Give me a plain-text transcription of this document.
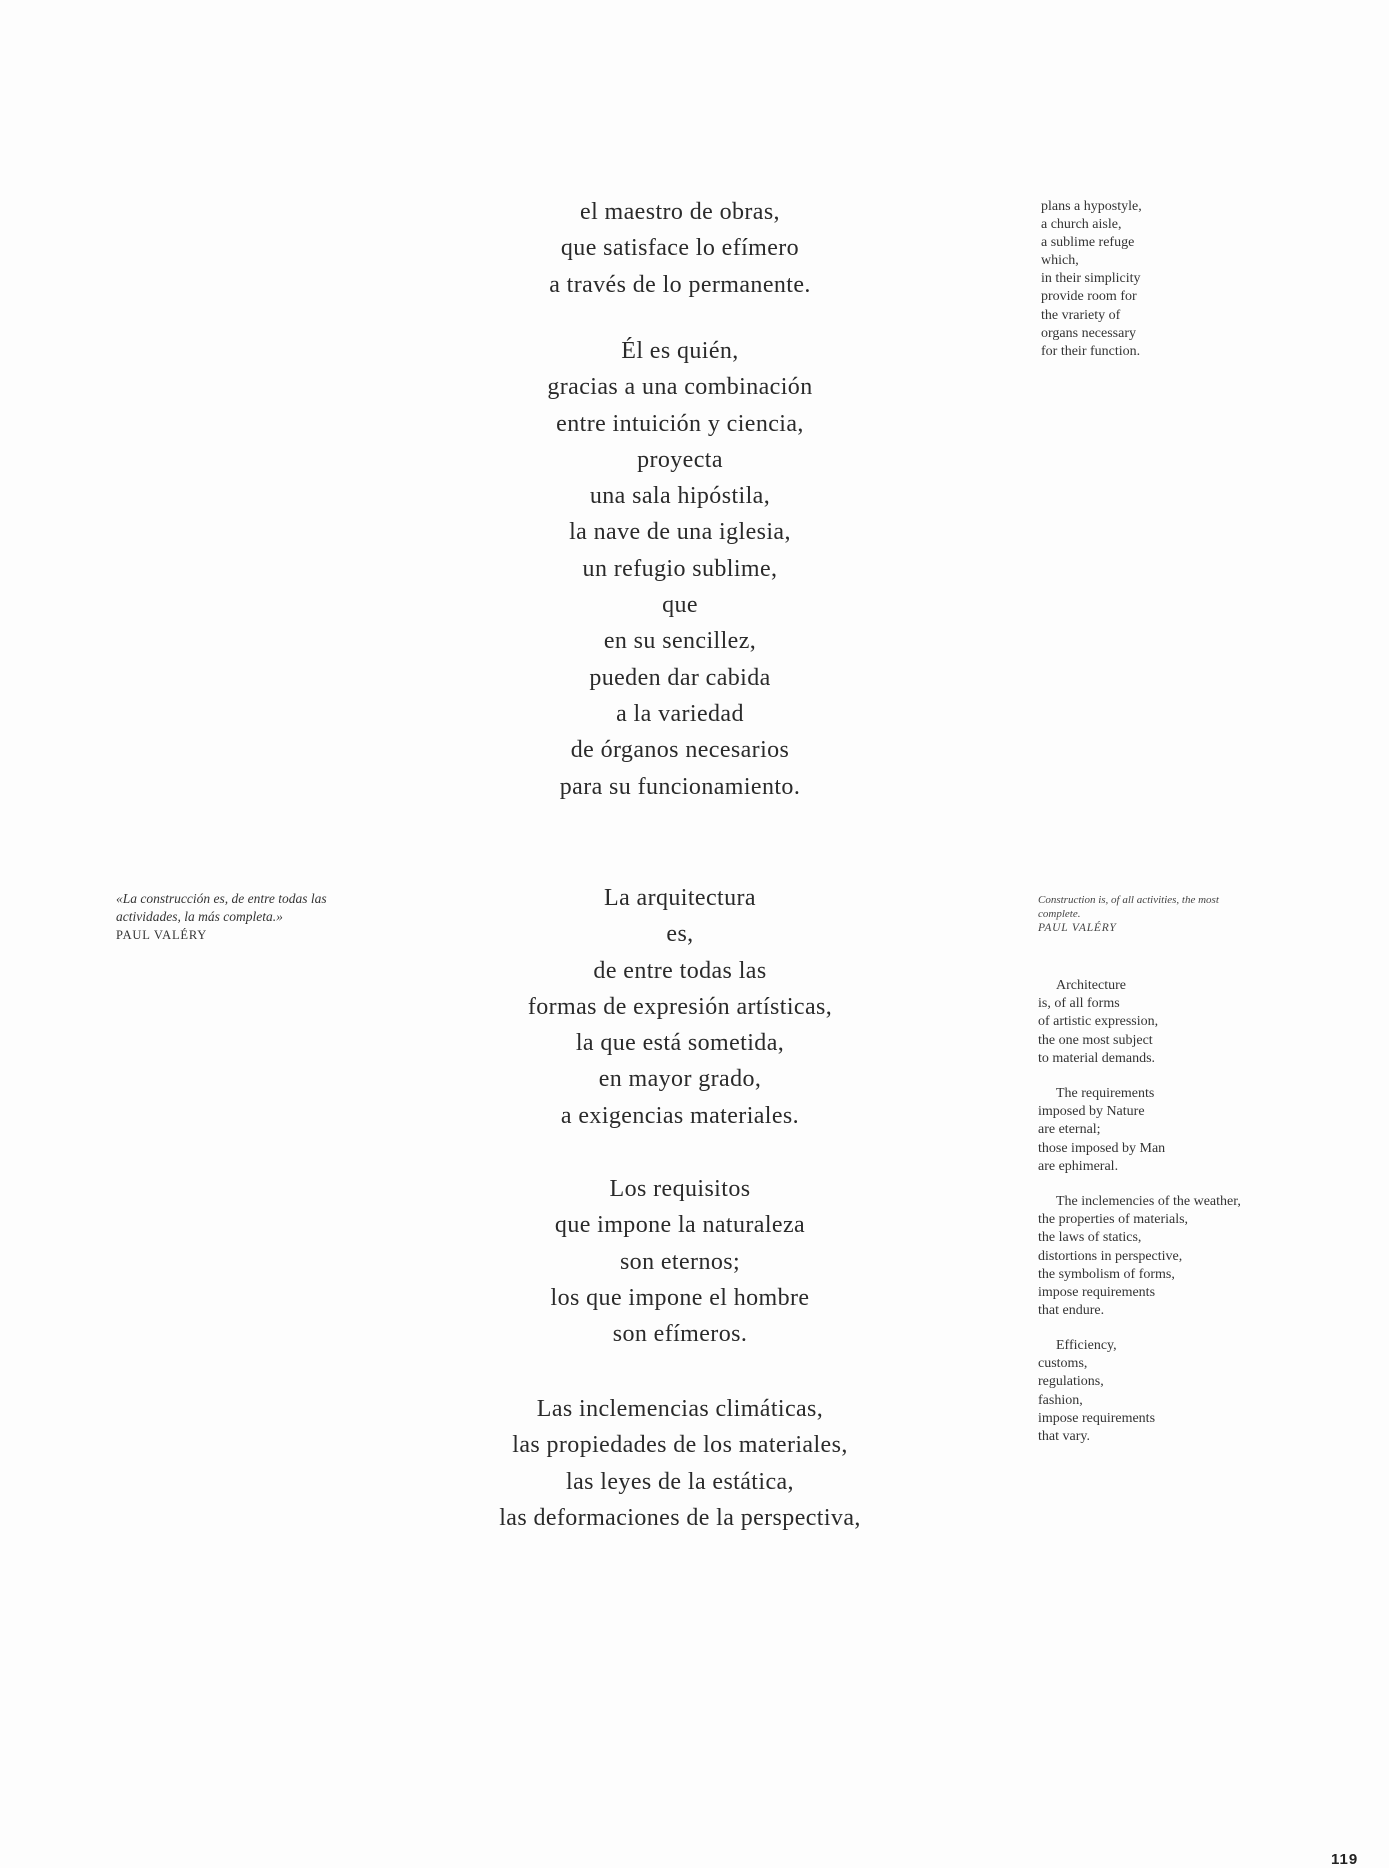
el maestro de obras,
que satisface lo efímero
a través de lo permanente.
Él es quién,
gracias a una combinación
entre intuición y ciencia,
proyecta
una sala hipóstila,
la nave de una iglesia,
un refugio sublime,
que
en su sencillez,
pueden dar cabida
a la variedad
de órganos necesarios
para su funcionamiento.
La arquitectura
es,
de entre todas las
formas de expresión artísticas,
la que está sometida,
en mayor grado,
a exigencias materiales.
Los requisitos
que impone la naturaleza
son eternos;
los que impone el hombre
son efímeros.
Las inclemencias climáticas,
las propiedades de los materiales,
las leyes de la estática,
las deformaciones de la perspectiva,
plans a hypostyle,
a church aisle,
a sublime refuge
which,
in their simplicity
provide room for
the vrariety of
organs necessary
for their function.
«La construcción es, de entre todas las
actividades, la más completa.»
PAUL VALÉRY
Construction is, of all activities, the most
complete.
PAUL VALÉRY
Architecture
is, of all forms
of artistic expression,
the one most subject
to material demands.
The requirements
imposed by Nature
are eternal;
those imposed by Man
are ephimeral.
The inclemencies of the weather,
the properties of materials,
the laws of statics,
distortions in perspective,
the symbolism of forms,
impose requirements
that endure.
Efficiency,
customs,
regulations,
fashion,
impose requirements
that vary.
119
